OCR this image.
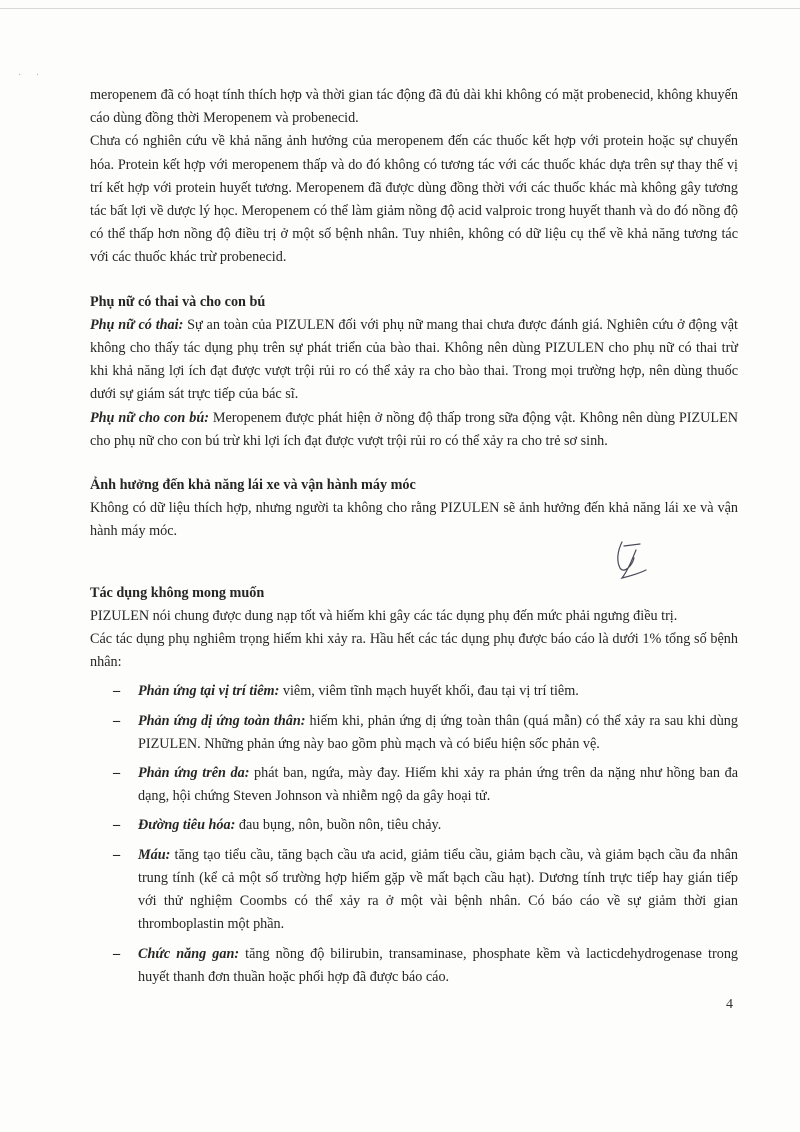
· ·

meropenem đã có hoạt tính thích hợp và thời gian tác động đã đủ dài khi không có mặt probenecid, không khuyến cáo dùng đồng thời Meropenem và probenecid.

Chưa có nghiên cứu về khả năng ảnh hưởng của meropenem đến các thuốc kết hợp với protein hoặc sự chuyển hóa. Protein kết hợp với meropenem thấp và do đó không có tương tác với các thuốc khác dựa trên sự thay thế vị trí kết hợp với protein huyết tương. Meropenem đã được dùng đồng thời với các thuốc khác mà không gây tương tác bất lợi về dược lý học. Meropenem có thể làm giảm nồng độ acid valproic trong huyết thanh và do đó nồng độ có thể thấp hơn nồng độ điều trị ở một số bệnh nhân. Tuy nhiên, không có dữ liệu cụ thể về khả năng tương tác với các thuốc khác trừ probenecid.

Phụ nữ có thai và cho con bú

Phụ nữ có thai: Sự an toàn của PIZULEN đối với phụ nữ mang thai chưa được đánh giá. Nghiên cứu ở động vật không cho thấy tác dụng phụ trên sự phát triển của bào thai. Không nên dùng PIZULEN cho phụ nữ có thai trừ khi khả năng lợi ích đạt được vượt trội rủi ro có thể xảy ra cho bào thai. Trong mọi trường hợp, nên dùng thuốc dưới sự giám sát trực tiếp của bác sĩ.

Phụ nữ cho con bú: Meropenem được phát hiện ở nồng độ thấp trong sữa động vật. Không nên dùng PIZULEN cho phụ nữ cho con bú trừ khi lợi ích đạt được vượt trội rủi ro có thể xảy ra cho trẻ sơ sinh.

Ảnh hưởng đến khả năng lái xe và vận hành máy móc

Không có dữ liệu thích hợp, nhưng người ta không cho rằng PIZULEN sẽ ảnh hưởng đến khả năng lái xe và vận hành máy móc.

Tác dụng không mong muốn

PIZULEN nói chung được dung nạp tốt và hiếm khi gây các tác dụng phụ đến mức phải ngưng điều trị.

Các tác dụng phụ nghiêm trọng hiếm khi xảy ra. Hầu hết các tác dụng phụ được báo cáo là dưới 1% tổng số bệnh nhân:

– Phản ứng tại vị trí tiêm: viêm, viêm tĩnh mạch huyết khối, đau tại vị trí tiêm.
– Phản ứng dị ứng toàn thân: hiếm khi, phản ứng dị ứng toàn thân (quá mẫn) có thể xảy ra sau khi dùng PIZULEN. Những phản ứng này bao gồm phù mạch và có biểu hiện sốc phản vệ.
– Phản ứng trên da: phát ban, ngứa, mày đay. Hiếm khi xảy ra phản ứng trên da nặng như hồng ban đa dạng, hội chứng Steven Johnson và nhiễm ngộ da gây hoại tử.
– Đường tiêu hóa: đau bụng, nôn, buồn nôn, tiêu chảy.
– Máu: tăng tạo tiểu cầu, tăng bạch cầu ưa acid, giảm tiểu cầu, giảm bạch cầu, và giảm bạch cầu đa nhân trung tính (kể cả một số trường hợp hiếm gặp về mất bạch cầu hạt). Dương tính trực tiếp hay gián tiếp với thử nghiệm Coombs có thể xảy ra ở một vài bệnh nhân. Có báo cáo về sự giảm thời gian thromboplastin một phần.
– Chức năng gan: tăng nồng độ bilirubin, transaminase, phosphate kềm và lacticdehydrogenase trong huyết thanh đơn thuần hoặc phối hợp đã được báo cáo.
4
